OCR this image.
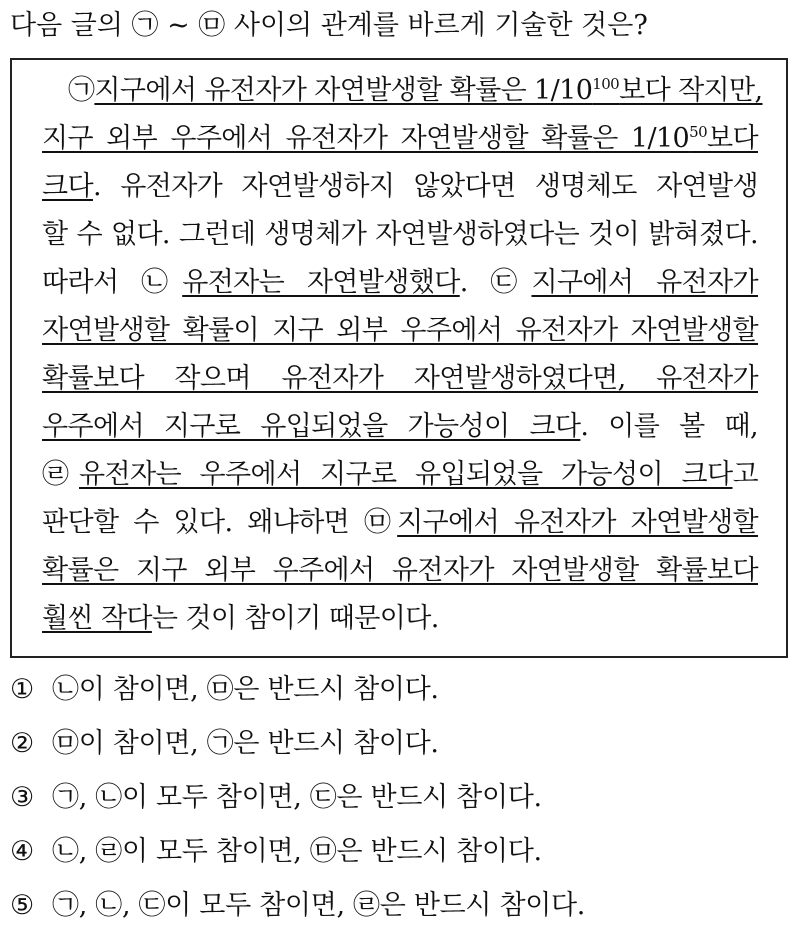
다음 글의 ㉠ ~ ㉤ 사이의 관계를 바르게 기술한 것은?
㉠지구에서 유전자가 자연발생할 확률은 $1/10^{100}$보다 작지만,
지구 외부 우주에서 유전자가 자연발생할 확률은 $1/10^{50}$보다
크다. 유전자가 자연발생하지 않았다면 생명체도 자연발생
할 수 없다. 그런데 생명체가 자연발생하였다는 것이 밝혀졌다.
따라서 ㉡유전자는 자연발생했다. ㉢지구에서 유전자가
자연발생할 확률이 지구 외부 우주에서 유전자가 자연발생할
확률보다 작으며 유전자가 자연발생하였다면, 유전자가
우주에서 지구로 유입되었을 가능성이 크다. 이를 볼 때,
㉣유전자는 우주에서 지구로 유입되었을 가능성이 크다고
판단할 수 있다. 왜냐하면 ㉤지구에서 유전자가 자연발생할
확률은 지구 외부 우주에서 유전자가 자연발생할 확률보다
훨씬 작다는 것이 참이기 때문이다.
① ㉡이 참이면, ㉤은 반드시 참이다.
② ㉤이 참이면, ㉠은 반드시 참이다.
③ ㉠, ㉡이 모두 참이면, ㉢은 반드시 참이다.
④ ㉡, ㉣이 모두 참이면, ㉤은 반드시 참이다.
⑤ ㉠, ㉡, ㉢이 모두 참이면, ㉣은 반드시 참이다.
